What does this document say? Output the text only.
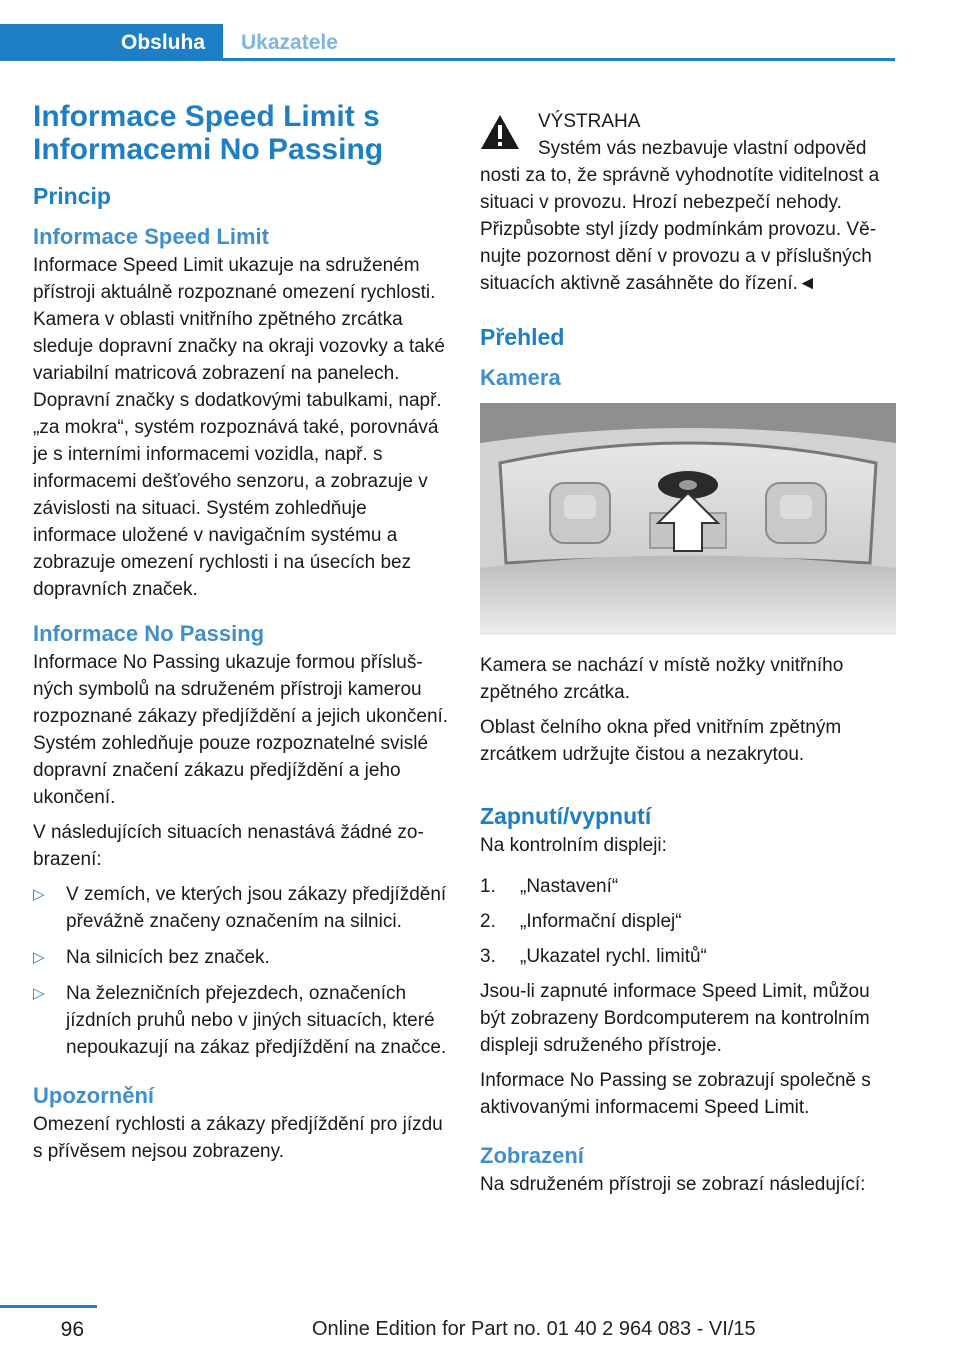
Obsluha	Ukazatele
Informace Speed Limit s Informacemi No Passing
Princip
Informace Speed Limit
Informace Speed Limit ukazuje na sdruženém přístroji aktuálně rozpoznané omezení rychlosti. Kamera v oblasti vnitřního zpětného zrcátka sleduje dopravní značky na okraji vozovky a také variabilní matricová zobrazení na panelech. Dopravní značky s dodatkovými tabulkami, např. „za mokra“, systém rozpoznává také, porovnává je s interními informacemi vozidla, např. s informacemi dešťového senzoru, a zobrazuje v závislosti na situaci. Systém zohledňuje informace uložené v navigačním systému a zobrazuje omezení rychlosti i na úsecích bez dopravních značek.
Informace No Passing
Informace No Passing ukazuje formou příslušných symbolů na sdruženém přístroji kamerou rozpoznané zákazy předjíždění a jejich ukončení. Systém zohledňuje pouze rozpoznatelné svislé dopravní značení zákazu předjíždění a jeho ukončení.
V následujících situacích nenastává žádné zobrazení:
▷ V zemích, ve kterých jsou zákazy předjíždění převážně značeny označením na silnici.
▷ Na silnicích bez značek.
▷ Na železničních přejezdech, označeních jízdních pruhů nebo v jiných situacích, které nepoukazují na zákaz předjíždění na značce.
Upozornění
Omezení rychlosti a zákazy předjíždění pro jízdu s přívěsem nejsou zobrazeny.
VÝSTRAHA
Systém vás nezbavuje vlastní odpověd
nosti za to, že správně vyhodnotíte viditelnost a situaci v provozu. Hrozí nebezpečí nehody. Přizpůsobte styl jízdy podmínkám provozu. Věnujte pozornost dění v provozu a v příslušných situacích aktivně zasáhněte do řízení.◄
Přehled
Kamera
Kamera se nachází v místě nožky vnitřního zpětného zrcátka.
Oblast čelního okna před vnitřním zpětným zrcátkem udržujte čistou a nezakrytou.
Zapnutí/vypnutí
Na kontrolním displeji:
1. „Nastavení“
2. „Informační displej“
3. „Ukazatel rychl. limitů“
Jsou-li zapnuté informace Speed Limit, můžou být zobrazeny Bordcomputerem na kontrolním displeji sdruženého přístroje.
Informace No Passing se zobrazují společně s aktivovanými informacemi Speed Limit.
Zobrazení
Na sdruženém přístroji se zobrazí následující:
96	Online Edition for Part no. 01 40 2 964 083 - VI/15
